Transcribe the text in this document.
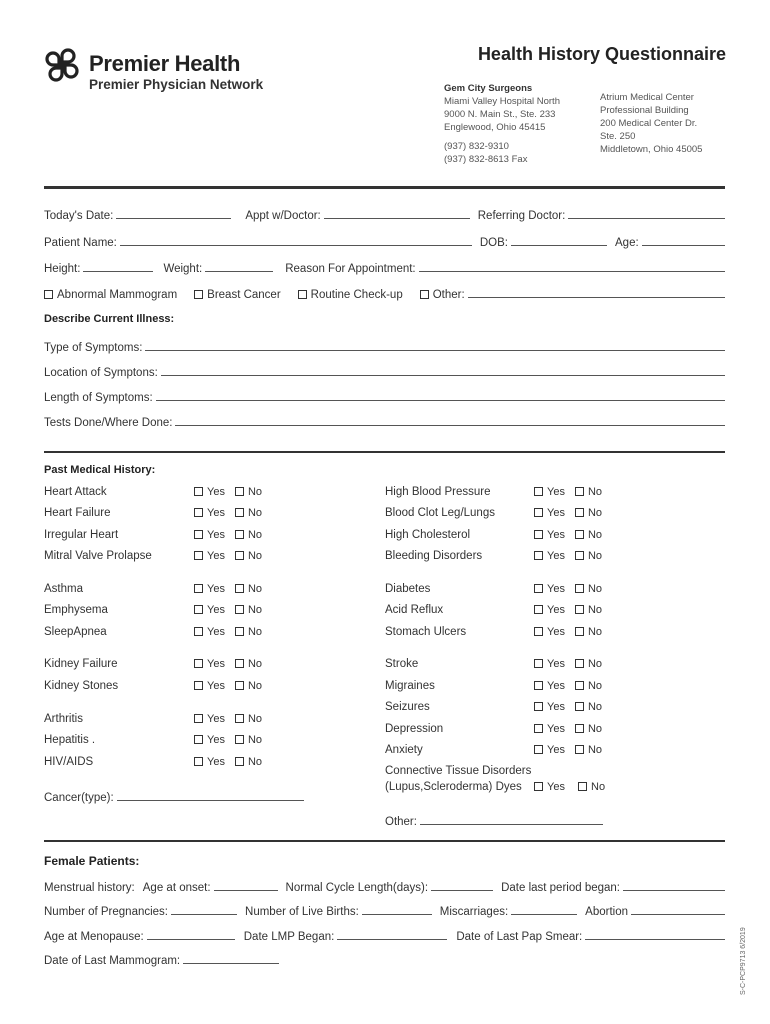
Premier Health
Premier Physician Network
Health History Questionnaire
Gem City Surgeons
Miami Valley Hospital North
9000 N. Main St., Ste. 233
Englewood, Ohio 45415
(937) 832-9310
(937) 832-8613 Fax
Atrium Medical Center
Professional Building
200 Medical Center Dr.
Ste. 250
Middletown, Ohio 45005
Today's Date:	Appt w/Doctor:	Referring Doctor:
Patient Name:	DOB:	Age:
Height:	Weight:	Reason For Appointment:
Abnormal Mammogram	Breast Cancer	Routine Check-up	Other:
Describe Current Illness:
Type of Symptoms:
Location of Symptons:
Length of Symptoms:
Tests Done/Where Done:
Past Medical History:
Heart Attack	Yes No
Heart Failure	Yes No
Irregular Heart	Yes No
Mitral Valve Prolapse	Yes No
Asthma	Yes No
Emphysema	Yes No
SleepApnea	Yes No
Kidney Failure	Yes No
Kidney Stones	Yes No
Arthritis	Yes No
Hepatitis .	Yes No
HIV/AIDS	Yes No
High Blood Pressure	Yes No
Blood Clot Leg/Lungs	Yes No
High Cholesterol	Yes No
Bleeding Disorders	Yes No
Diabetes	Yes No
Acid Reflux	Yes No
Stomach Ulcers	Yes No
Stroke	Yes No
Migraines	Yes No
Seizures	Yes No
Depression	Yes No
Anxiety	Yes No
Connective Tissue Disorders
(Lupus,Scleroderma) Dyes	Yes No
Cancer(type):
Other:
Female Patients:
Menstrual history: Age at onset:	Normal Cycle Length(days):	Date last period began:
Number of Pregnancies:	Number of Live Births:	Miscarriages:	Abortion
Age at Menopause:	Date LMP Began:	Date of Last Pap Smear:
Date of Last Mammogram:	S-C-PCP9713 6/2019
